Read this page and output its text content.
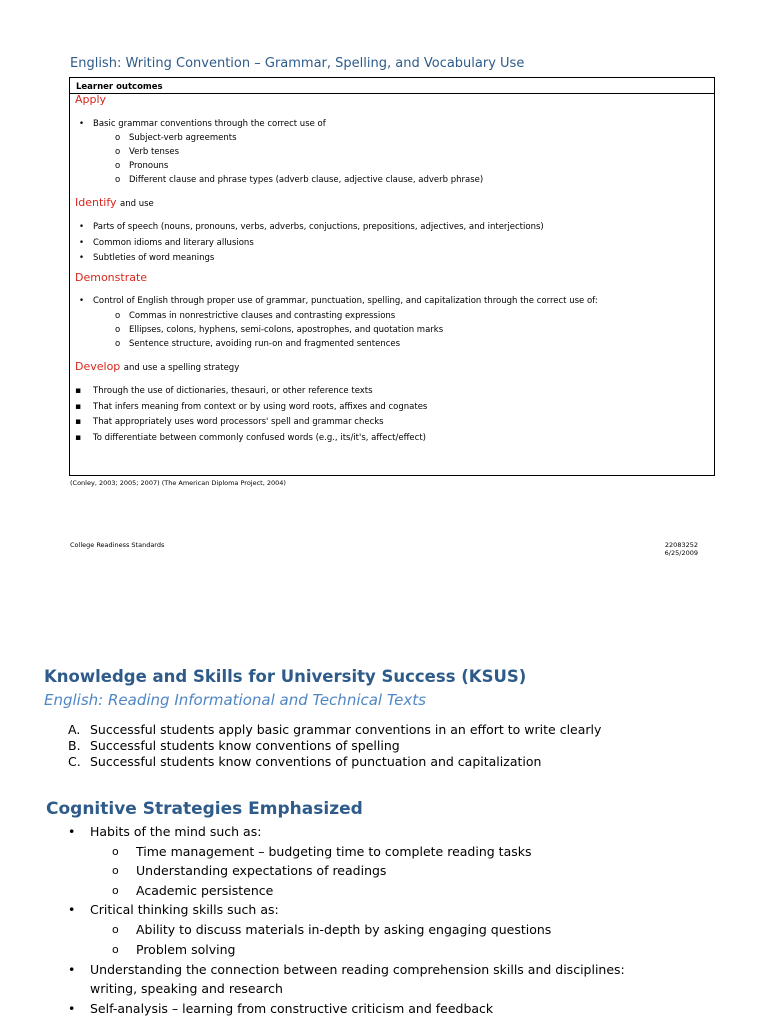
English: Writing Convention – Grammar, Spelling, and Vocabulary Use
Learner outcomes
Apply
• Basic grammar conventions through the correct use of
o Subject-verb agreements
o Verb tenses
o Pronouns
o Different clause and phrase types (adverb clause, adjective clause, adverb phrase)
Identify and use
• Parts of speech (nouns, pronouns, verbs, adverbs, conjuctions, prepositions, adjectives, and interjections)
• Common idioms and literary allusions
• Subtleties of word meanings
Demonstrate
• Control of English through proper use of grammar, punctuation, spelling, and capitalization through the correct use of:
o Commas in nonrestrictive clauses and contrasting expressions
o Ellipses, colons, hyphens, semi-colons, apostrophes, and quotation marks
o Sentence structure, avoiding run-on and fragmented sentences
Develop and use a spelling strategy
▪ Through the use of dictionaries, thesauri, or other reference texts
▪ That infers meaning from context or by using word roots, affixes and cognates
▪ That appropriately uses word processors' spell and grammar checks
▪ To differentiate between commonly confused words (e.g., its/it's, affect/effect)
(Conley, 2003; 2005; 2007) (The American Diploma Project, 2004)
College Readiness Standards	22083252
6/25/2009
Knowledge and Skills for University Success (KSUS)
English: Reading Informational and Technical Texts
A. Successful students apply basic grammar conventions in an effort to write clearly
B. Successful students know conventions of spelling
C. Successful students know conventions of punctuation and capitalization
Cognitive Strategies Emphasized
• Habits of the mind such as:
o Time management – budgeting time to complete reading tasks
o Understanding expectations of readings
o Academic persistence
• Critical thinking skills such as:
o Ability to discuss materials in-depth by asking engaging questions
o Problem solving
• Understanding the connection between reading comprehension skills and disciplines:
writing, speaking and research
• Self-analysis – learning from constructive criticism and feedback
